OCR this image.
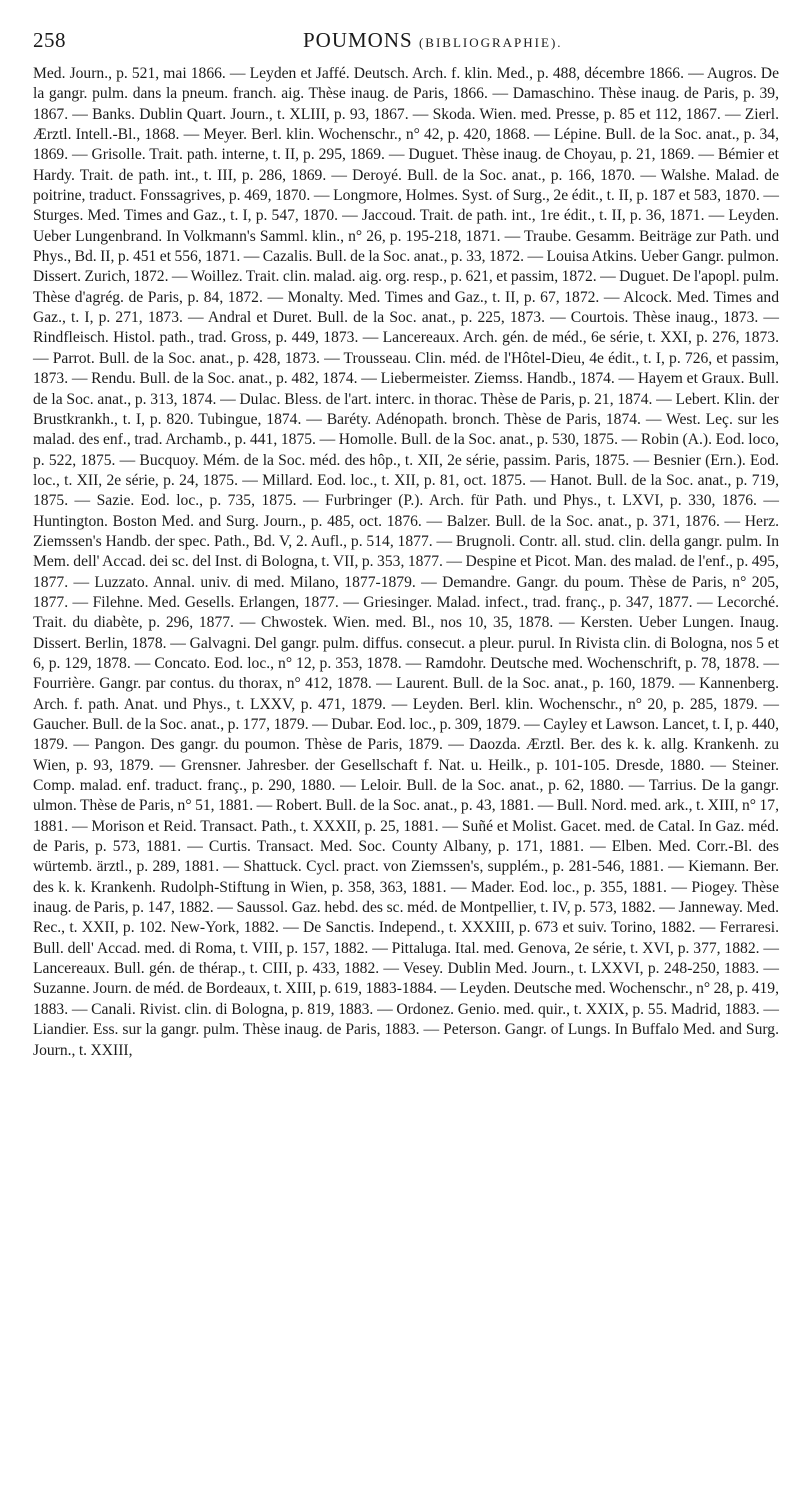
258	POUMONS (BIBLIOGRAPHIE).

Med. Journ., p. 521, mai 1866. — Leyden et Jaffé. Deutsch. Arch. f. klin. Med., p. 488, décembre 1866. — Augros. De la gangr. pulm. dans la pneum. franch. aig. Thèse inaug. de Paris, 1866. — Damaschino. Thèse inaug. de Paris, p. 39, 1867. — Banks. Dublin Quart. Journ., t. XLIII, p. 93, 1867. — Skoda. Wien. med. Presse, p. 85 et 112, 1867. — Zierl. Ærztl. Intell.-Bl., 1868. — Meyer. Berl. klin. Wochenschr., n° 42, p. 420, 1868. — Lépine. Bull. de la Soc. anat., p. 34, 1869. — Grisolle. Trait. path. interne, t. II, p. 295, 1869. — Duguet. Thèse inaug. de Choyau, p. 21, 1869. — Bémier et Hardy. Trait. de path. int., t. III, p. 286, 1869. — Deroyé. Bull. de la Soc. anat., p. 166, 1870. — Walshe. Malad. de poitrine, traduct. Fonssagrives, p. 469, 1870. — Longmore, Holmes. Syst. of Surg., 2e édit., t. II, p. 187 et 583, 1870. — Sturges. Med. Times and Gaz., t. I, p. 547, 1870. — Jaccoud. Trait. de path. int., 1re édit., t. II, p. 36, 1871. — Leyden. Ueber Lungenbrand. In Volkmann's Samml. klin., n° 26, p. 195-218, 1871. — Traube. Gesamm. Beiträge zur Path. und Phys., Bd. II, p. 451 et 556, 1871. — Cazalis. Bull. de la Soc. anat., p. 33, 1872. — Louisa Atkins. Ueber Gangr. pulmon. Dissert. Zurich, 1872. — Woillez. Trait. clin. malad. aig. org. resp., p. 621, et passim, 1872. — Duguet. De l'apopl. pulm. Thèse d'agrég. de Paris, p. 84, 1872. — Monalty. Med. Times and Gaz., t. II, p. 67, 1872. — Alcock. Med. Times and Gaz., t. I, p. 271, 1873. — Andral et Duret. Bull. de la Soc. anat., p. 225, 1873. — Courtois. Thèse inaug., 1873. — Rindfleisch. Histol. path., trad. Gross, p. 449, 1873. — Lancereaux. Arch. gén. de méd., 6e série, t. XXI, p. 276, 1873. — Parrot. Bull. de la Soc. anat., p. 428, 1873. — Trousseau. Clin. méd. de l'Hôtel-Dieu, 4e édit., t. I, p. 726, et passim, 1873. — Rendu. Bull. de la Soc. anat., p. 482, 1874. — Liebermeister. Ziemss. Handb., 1874. — Hayem et Graux. Bull. de la Soc. anat., p. 313, 1874. — Dulac. Bless. de l'art. interc. in thorac. Thèse de Paris, p. 21, 1874. — Lebert. Klin. der Brustkrankh., t. I, p. 820. Tubingue, 1874. — Baréty. Adénopath. bronch. Thèse de Paris, 1874. — West. Leç. sur les malad. des enf., trad. Archamb., p. 441, 1875. — Homolle. Bull. de la Soc. anat., p. 530, 1875. — Robin (A.). Eod. loco, p. 522, 1875. — Bucquoy. Mém. de la Soc. méd. des hôp., t. XII, 2e série, passim. Paris, 1875. — Besnier (Ern.). Eod. loc., t. XII, 2e série, p. 24, 1875. — Millard. Eod. loc., t. XII, p. 81, oct. 1875. — Hanot. Bull. de la Soc. anat., p. 719, 1875. — Sazie. Eod. loc., p. 735, 1875. — Furbringer (P.). Arch. für Path. und Phys., t. LXVI, p. 330, 1876. — Huntington. Boston Med. and Surg. Journ., p. 485, oct. 1876. — Balzer. Bull. de la Soc. anat., p. 371, 1876. — Herz. Ziemssen's Handb. der spec. Path., Bd. V, 2. Aufl., p. 514, 1877. — Brugnoli. Contr. all. stud. clin. della gangr. pulm. In Mem. dell' Accad. dei sc. del Inst. di Bologna, t. VII, p. 353, 1877. — Despine et Picot. Man. des malad. de l'enf., p. 495, 1877. — Luzzato. Annal. univ. di med. Milano, 1877-1879. — Demandre. Gangr. du poum. Thèse de Paris, n° 205, 1877. — Filehne. Med. Gesells. Erlangen, 1877. — Griesinger. Malad. infect., trad. franç., p. 347, 1877. — Lecorché. Trait. du diabète, p. 296, 1877. — Chwostek. Wien. med. Bl., nos 10, 35, 1878. — Kersten. Ueber Lungen. Inaug. Dissert. Berlin, 1878. — Galvagni. Del gangr. pulm. diffus. consecut. a pleur. purul. In Rivista clin. di Bologna, nos 5 et 6, p. 129, 1878. — Concato. Eod. loc., n° 12, p. 353, 1878. — Ramdohr. Deutsche med. Wochenschrift, p. 78, 1878. — Fourrière. Gangr. par contus. du thorax, n° 412, 1878. — Laurent. Bull. de la Soc. anat., p. 160, 1879. — Kannenberg. Arch. f. path. Anat. und Phys., t. LXXV, p. 471, 1879. — Leyden. Berl. klin. Wochenschr., n° 20, p. 285, 1879. — Gaucher. Bull. de la Soc. anat., p. 177, 1879. — Dubar. Eod. loc., p. 309, 1879. — Cayley et Lawson. Lancet, t. I, p. 440, 1879. — Pangon. Des gangr. du poumon. Thèse de Paris, 1879. — Daozda. Ærztl. Ber. des k. k. allg. Krankenh. zu Wien, p. 93, 1879. — Grensner. Jahresber. der Gesellschaft f. Nat. u. Heilk., p. 101-105. Dresde, 1880. — Steiner. Comp. malad. enf. traduct. franç., p. 290, 1880. — Leloir. Bull. de la Soc. anat., p. 62, 1880. — Tarrius. De la gangr. ulmon. Thèse de Paris, n° 51, 1881. — Robert. Bull. de la Soc. anat., p. 43, 1881. — Bull. Nord. med. ark., t. XIII, n° 17, 1881. — Morison et Reid. Transact. Path., t. XXXII, p. 25, 1881. — Suñé et Molist. Gacet. med. de Catal. In Gaz. méd. de Paris, p. 573, 1881. — Curtis. Transact. Med. Soc. County Albany, p. 171, 1881. — Elben. Med. Corr.-Bl. des würtemb. ärztl., p. 289, 1881. — Shattuck. Cycl. pract. von Ziemssen's, supplém., p. 281-546, 1881. — Kiemann. Ber. des k. k. Krankenh. Rudolph-Stiftung in Wien, p. 358, 363, 1881. — Mader. Eod. loc., p. 355, 1881. — Piogey. Thèse inaug. de Paris, p. 147, 1882. — Saussol. Gaz. hebd. des sc. méd. de Montpellier, t. IV, p. 573, 1882. — Janneway. Med. Rec., t. XXII, p. 102. New-York, 1882. — De Sanctis. Independ., t. XXXIII, p. 673 et suiv. Torino, 1882. — Ferraresi. Bull. dell' Accad. med. di Roma, t. VIII, p. 157, 1882. — Pittaluga. Ital. med. Genova, 2e série, t. XVI, p. 377, 1882. — Lancereaux. Bull. gén. de thérap., t. CIII, p. 433, 1882. — Vesey. Dublin Med. Journ., t. LXXVI, p. 248-250, 1883. — Suzanne. Journ. de méd. de Bordeaux, t. XIII, p. 619, 1883-1884. — Leyden. Deutsche med. Wochenschr., n° 28, p. 419, 1883. — Canali. Rivist. clin. di Bologna, p. 819, 1883. — Ordonez. Genio. med. quir., t. XXIX, p. 55. Madrid, 1883. — Liandier. Ess. sur la gangr. pulm. Thèse inaug. de Paris, 1883. — Peterson. Gangr. of Lungs. In Buffalo Med. and Surg. Journ., t. XXIII,
